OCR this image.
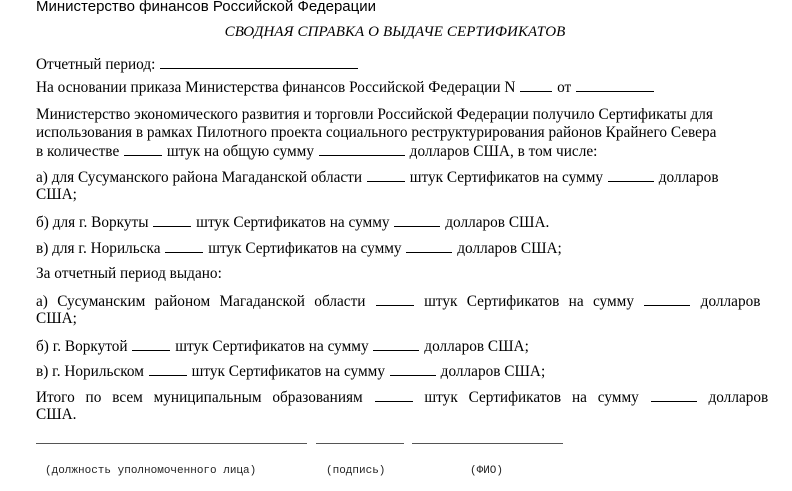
Министерство финансов Российской Федерации
СВОДНАЯ СПРАВКА О ВЫДАЧЕ СЕРТИФИКАТОВ
Отчетный период:
На основании приказа Министерства финансов Российской Федерации N	от
Министерство экономического развития и торговли Российской Федерации получило Сертификаты для
использования в рамках Пилотного проекта социального реструктурирования районов Крайнего Севера
в количестве	штук на общую сумму	долларов США, в том числе:
а) для Сусуманского района Магаданской области	штук Сертификатов на сумму	долларов
США;
б) для г. Воркуты	штук Сертификатов на сумму	долларов США.
в) для г. Норильска	штук Сертификатов на сумму	долларов США;
За отчетный период выдано:
а) Сусуманским районом Магаданской области	штук Сертификатов на сумму	долларов
США;
б) г. Воркутой	штук Сертификатов на сумму	долларов США;
в) г. Норильском	штук Сертификатов на сумму	долларов США;
Итого по всем муниципальным образованиям	штук Сертификатов на сумму	долларов
США.
(должность уполномоченного лица)	(подпись)	(ФИО)
